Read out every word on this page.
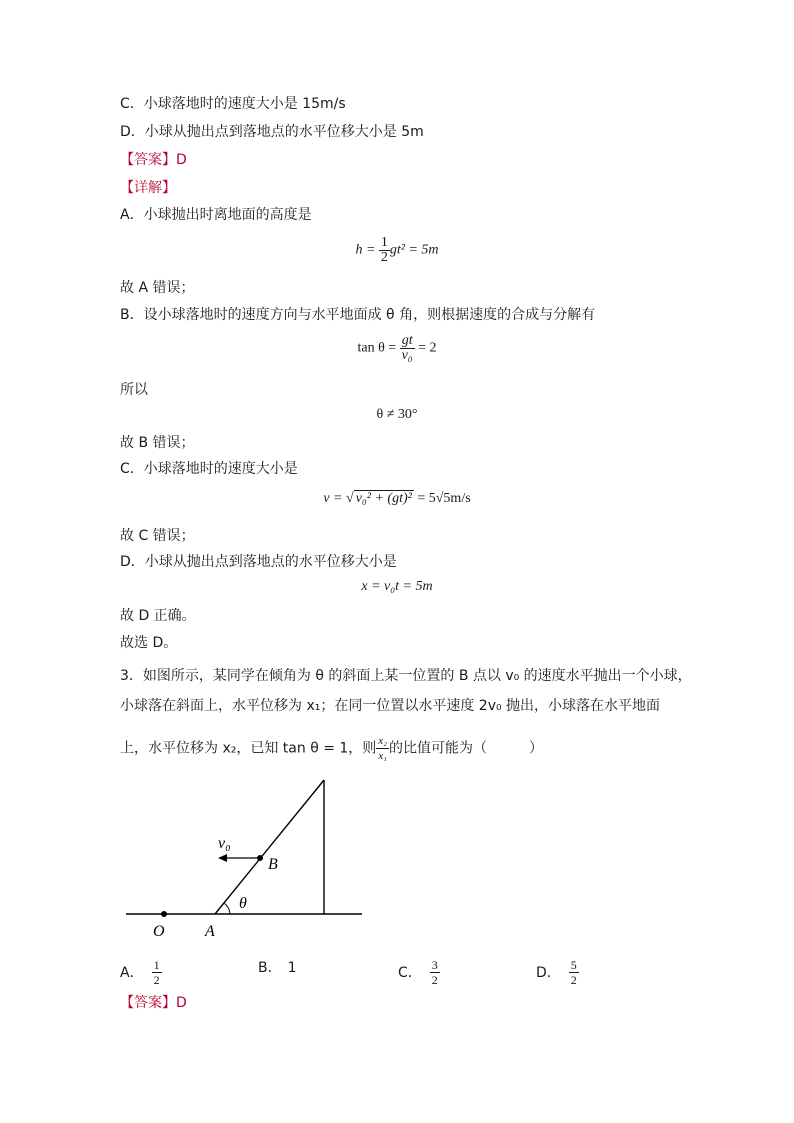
C．小球落地时的速度大小是 15m/s
D．小球从抛出点到落地点的水平位移大小是 5m
【答案】D
【详解】
A．小球抛出时离地面的高度是
$h = \frac{1}{2} gt^2 = 5m$
故 A 错误；
B．设小球落地时的速度方向与水平地面成 θ 角，则根据速度的合成与分解有
$\tan \theta = \frac{gt}{\text{v₀}} = 2$
所以
θ ≠ 30°
故 B 错误；
C．小球落地时的速度大小是
v = √ v₀² + (gt)² = 5√5m/s
故 C 错误；
D．小球从抛出点到落地点的水平位移大小是
x = v₀t = 5m
故 D 正确。
故选 D。
3．如图所示，某同学在倾角为 θ 的斜面上某一位置的 B 点以 v₀ 的速度水平抛出一个小球，
小球落在斜面上，水平位移为 x₁；在同一位置以水平速度 2v₀ 抛出，小球落在水平地面
上，水平位移为 x₂，已知 tan θ = 1，则 $\frac{\text{x₂}}{\text{x₁}}$ 的比值可能为（　　　）
v₀
B
θ
O	A
A． $\frac{1}{2}$	B． 1	C． $\frac{3}{2}$	D． $\frac{5}{2}$
【答案】D
